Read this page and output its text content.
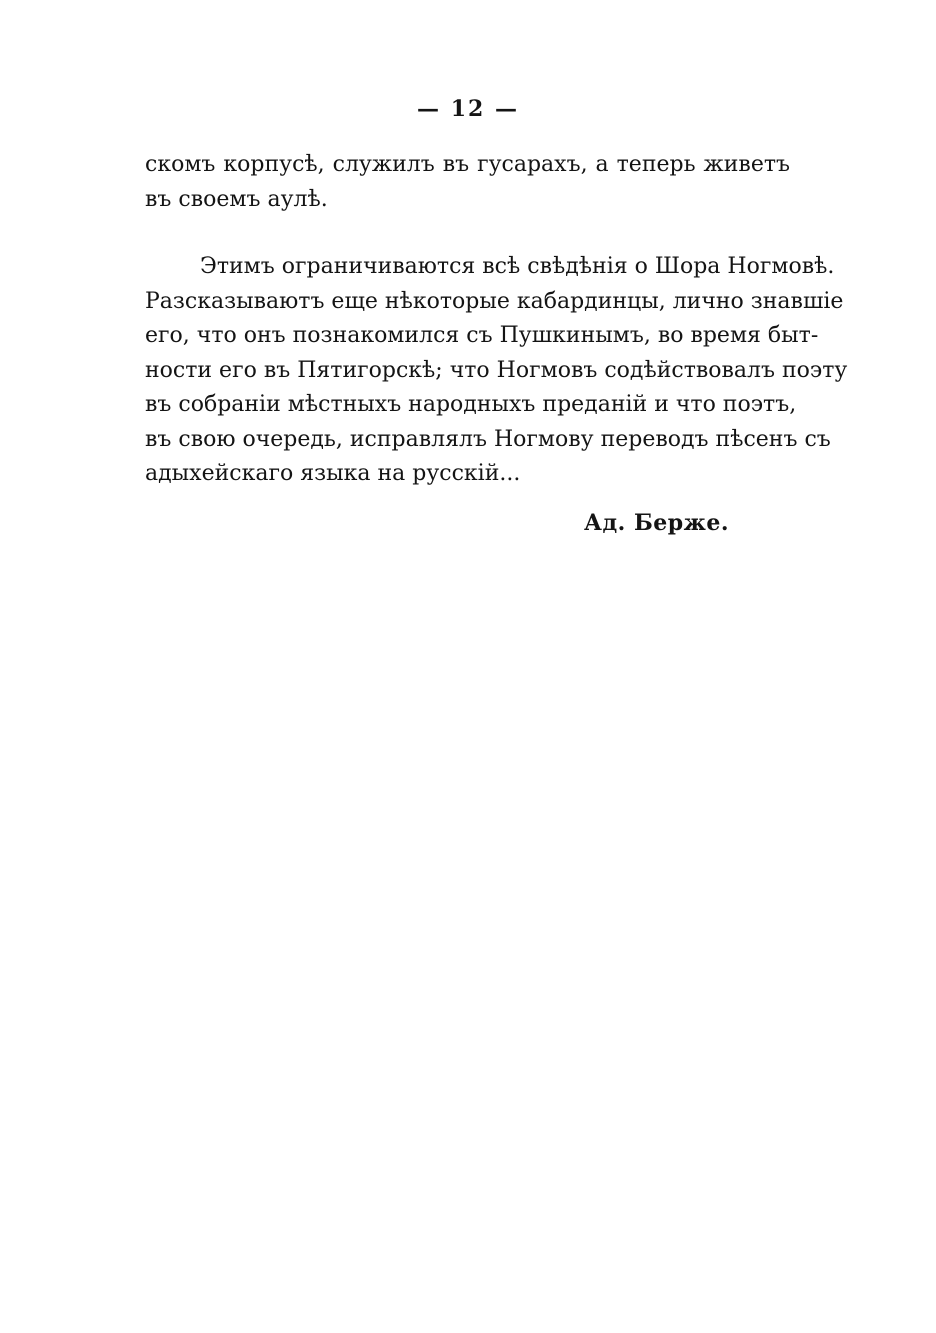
— 12 —
скомъ корпусѣ, служилъ въ гусарахъ, а теперь живетъ
въ своемъ аулѣ.
Этимъ ограничиваются всѣ свѣдѣнія о Шора Ногмовѣ.
Разсказываютъ еще нѣкоторые кабардинцы, лично знавшіе
его, что онъ познакомился съ Пушкинымъ, во время быт-
ности его въ Пятигорскѣ; что Ногмовъ содѣйствовалъ поэту
въ собраніи мѣстныхъ народныхъ преданій и что поэтъ,
въ свою очередь, исправлялъ Ногмову переводъ пѣсенъ съ
адыхейскаго языка на русскій...
Ад. Берже.
